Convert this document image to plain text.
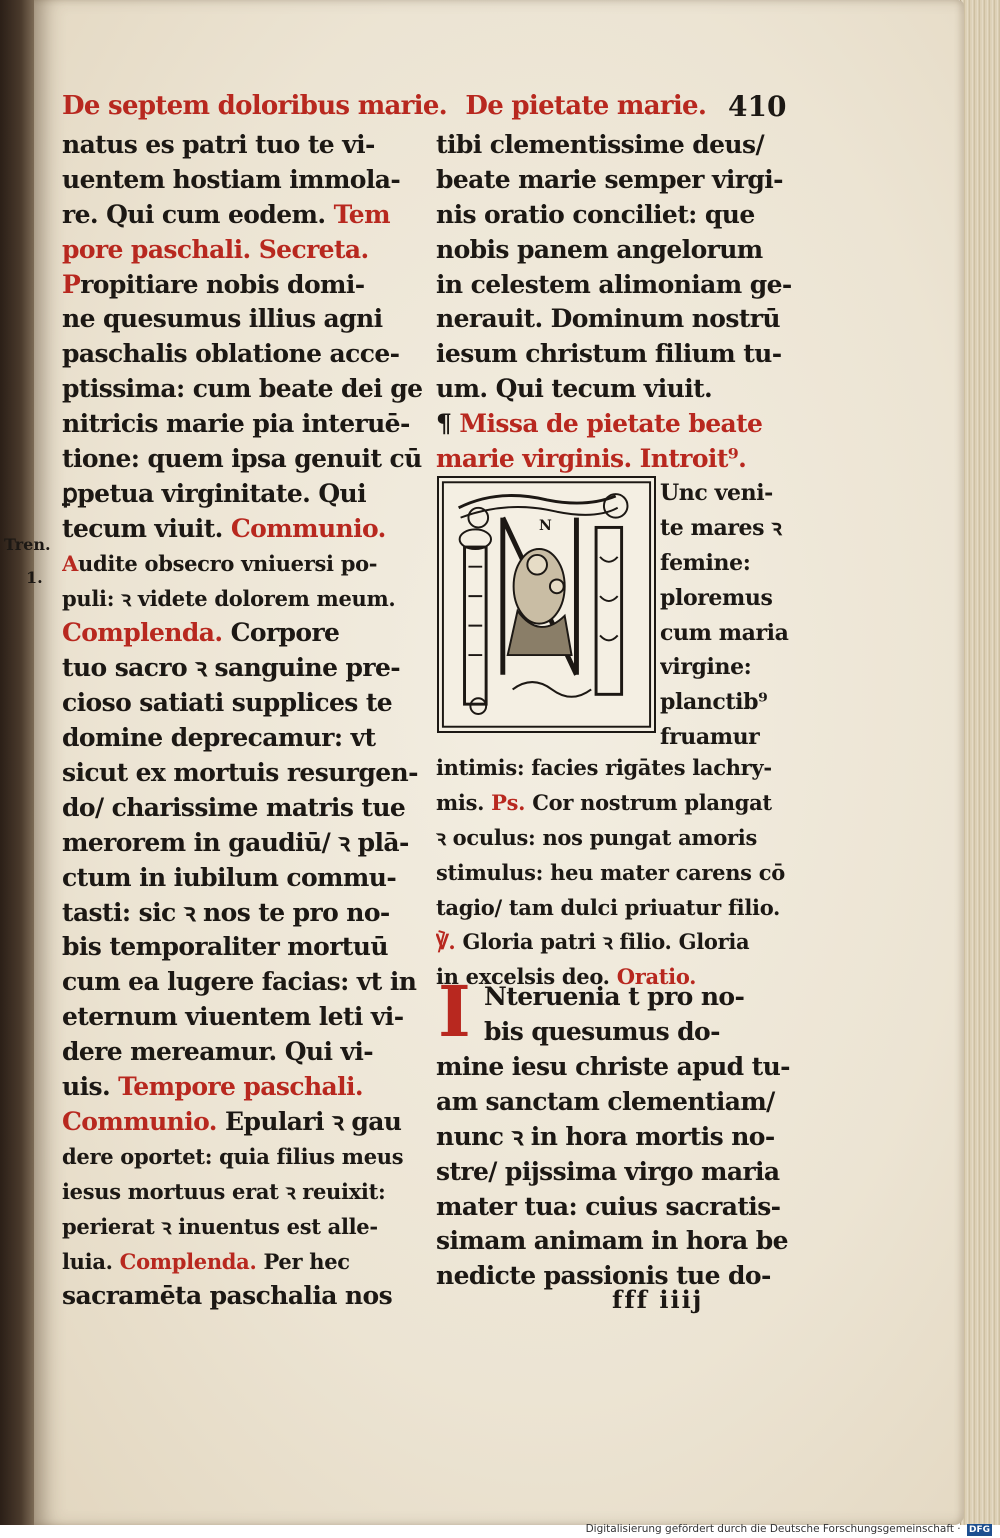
De septem doloribus marie. De pietate marie. 410
natus es patri tuo te vi-
uentem hostiam immola-
re. Qui cum eodem. Tem
pore paschali. Secreta.
Propitiare nobis domi-
ne quesumus illius agni
paschalis oblatione acce-
ptissima: cum beate dei ge
nitricis marie pia interuē-
tione: quem ipsa genuit cū
ꝑpetua virginitate. Qui
tecum viuit. Communio.
Audite obsecro vniuersi po-
puli: ꝛ videte dolorem meum.
Complenda. Corpore
tuo sacro ꝛ sanguine pre-
cioso satiati supplices te
domine deprecamur: vt
sicut ex mortuis resurgen-
do/ charissime matris tue
merorem in gaudiū/ ꝛ plā-
ctum in iubilum commu-
tasti: sic ꝛ nos te pro no-
bis temporaliter mortuū
cum ea lugere facias: vt in
eternum viuentem leti vi-
dere mereamur. Qui vi-
uis. Tempore paschali.
Communio. Epulari ꝛ gau
dere oportet: quia filius meus
iesus mortuus erat ꝛ reuixit:
perierat ꝛ inuentus est alle-
luia. Complenda. Per hec
sacramēta paschalia nos
Tren.
1.
tibi clementissime deus/
beate marie semper virgi-
nis oratio conciliet: que
nobis panem angelorum
in celestem alimoniam ge-
nerauit. Dominum nostrū
iesum christum filium tu-
um. Qui tecum viuit.
¶ Missa de pietate beate
marie virginis. Introit⁹.
N
Unc veni-
te mares ꝛ
femine:
ploremus
cum maria
virgine:
planctib⁹
fruamur
intimis: facies rigātes lachry-
mis. Ps. Cor nostrum plangat
ꝛ oculus: nos pungat amoris
stimulus: heu mater carens cō
tagio/ tam dulci priuatur filio.
℣. Gloria patri ꝛ filio. Gloria
in excelsis deo. Oratio.
I Nteruenia t pro no-
bis quesumus do-
mine iesu christe apud tu-
am sanctam clementiam/
nunc ꝛ in hora mortis no-
stre/ pijssima virgo maria
mater tua: cuius sacratis-
simam animam in hora be
nedicte passionis tue do-
fff iiij
Digitalisierung gefördert durch die Deutsche Forschungsgemeinschaft · DFG
